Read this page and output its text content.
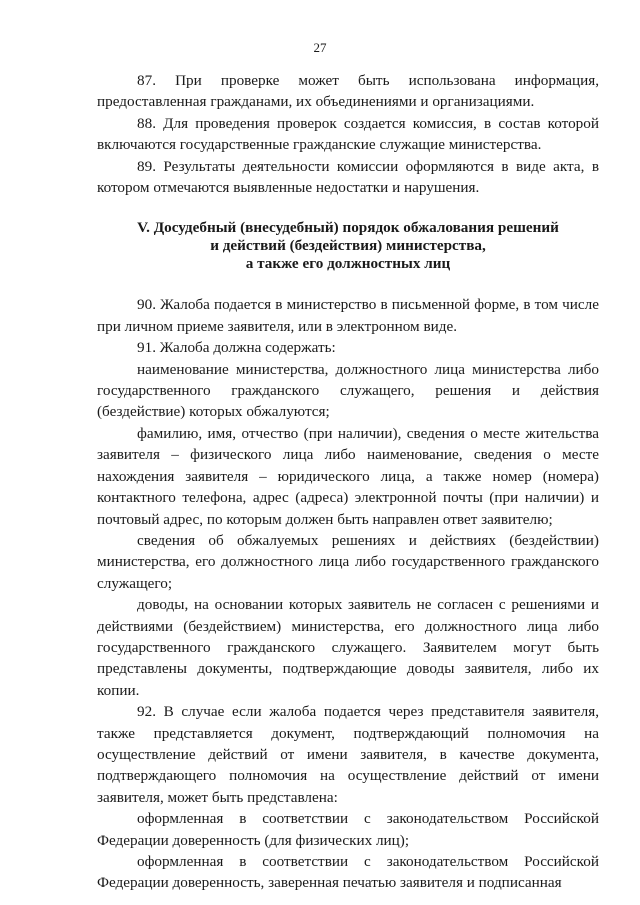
27

87. При проверке может быть использована информация, предоставленная гражданами, их объединениями и организациями.

88. Для проведения проверок создается комиссия, в состав которой включаются государственные гражданские служащие министерства.

89. Результаты деятельности комиссии оформляются в виде акта, в котором отмечаются выявленные недостатки и нарушения.

V. Досудебный (внесудебный) порядок обжалования решений
и действий (бездействия) министерства,
а также его должностных лиц

90. Жалоба подается в министерство в письменной форме, в том числе при личном приеме заявителя, или в электронном виде.

91. Жалоба должна содержать:

наименование министерства, должностного лица министерства либо государственного гражданского служащего, решения и действия (бездействие) которых обжалуются;

фамилию, имя, отчество (при наличии), сведения о месте жительства заявителя – физического лица либо наименование, сведения о месте нахождения заявителя – юридического лица, а также номер (номера) контактного телефона, адрес (адреса) электронной почты (при наличии) и почтовый адрес, по которым должен быть направлен ответ заявителю;

сведения об обжалуемых решениях и действиях (бездействии) министерства, его должностного лица либо государственного гражданского служащего;

доводы, на основании которых заявитель не согласен с решениями и действиями (бездействием) министерства, его должностного лица либо государственного гражданского служащего. Заявителем могут быть представлены документы, подтверждающие доводы заявителя, либо их копии.

92. В случае если жалоба подается через представителя заявителя, также представляется документ, подтверждающий полномочия на осуществление действий от имени заявителя, в качестве документа, подтверждающего полномочия на осуществление действий от имени заявителя, может быть представлена:

оформленная в соответствии с законодательством Российской Федерации доверенность (для физических лиц);

оформленная в соответствии с законодательством Российской Федерации доверенность, заверенная печатью заявителя и подписанная
